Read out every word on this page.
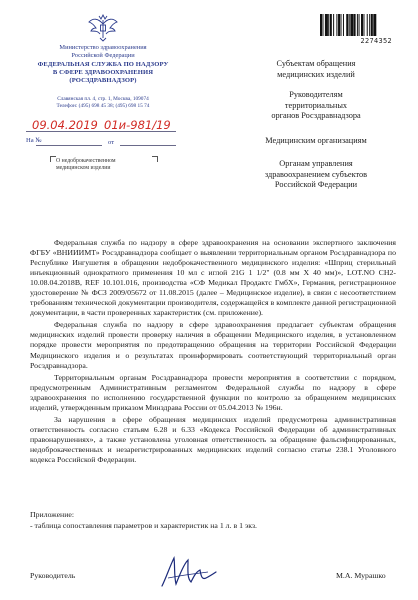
Министерство здравоохранения
Российской Федерации
ФЕДЕРАЛЬНАЯ СЛУЖБА ПО НАДЗОРУ
В СФЕРЕ ЗДРАВООХРАНЕНИЯ
(РОСЗДРАВНАДЗОР)
Славянская пл. 4, стр. 1, Москва, 109074
Телефон: (495) 698 45 38; (495) 698 15 74
09.04.2019 01и-981/19
На №	от
О недоброкачественном
медицинском изделии
2274352
Субъектам обращения
медицинских изделий
Руководителям
территориальных
органов Росздравнадзора
Медицинским организациям
Органам управления
здравоохранением субъектов
Российской Федерации

Федеральная служба по надзору в сфере здравоохранения на основании экспертного заключения ФГБУ «ВНИИИМТ» Росздравнадзора сообщает о выявлении территориальным органом Росздравнадзора по Республике Ингушетия в обращении недоброкачественного медицинского изделия: «Шприц стерильный инъекционный однократного применения 10 мл с иглой 21G 1 1/2" (0.8 мм X 40 мм)», LOT.NO CH2-10.08.04.2018B, REF 10.101.016, производства «СФ Медикал Продактс ГмбХ», Германия, регистрационное удостоверение № ФСЗ 2009/05672 от 11.08.2015 (далее – Медицинское изделие), в связи с несоответствием требованиям технической документации производителя, содержащейся в комплекте данной регистрационной документации, в части проверенных характеристик (см. приложение).

Федеральная служба по надзору в сфере здравоохранения предлагает субъектам обращения медицинских изделий провести проверку наличия в обращении Медицинского изделия, в установленном порядке провести мероприятия по предотвращению обращения на территории Российской Федерации Медицинского изделия и о результатах проинформировать соответствующий территориальный орган Росздравнадзора.

Территориальным органам Росздравнадзора провести мероприятия в соответствии с порядком, предусмотренным Административным регламентом Федеральной службы по надзору в сфере здравоохранения по исполнению государственной функции по контролю за обращением медицинских изделий, утвержденным приказом Минздрава России от 05.04.2013 № 196н.

За нарушения в сфере обращения медицинских изделий предусмотрена административная ответственность согласно статьям 6.28 и 6.33 «Кодекса Российской Федерации об административных правонарушениях», а также установлена уголовная ответственность за обращение фальсифицированных, недоброкачественных и незарегистрированных медицинских изделий согласно статье 238.1 Уголовного кодекса Российской Федерации.

Приложение:
- таблица сопоставления параметров и характеристик на 1 л. в 1 экз.
Руководитель	М.А. Мурашко
